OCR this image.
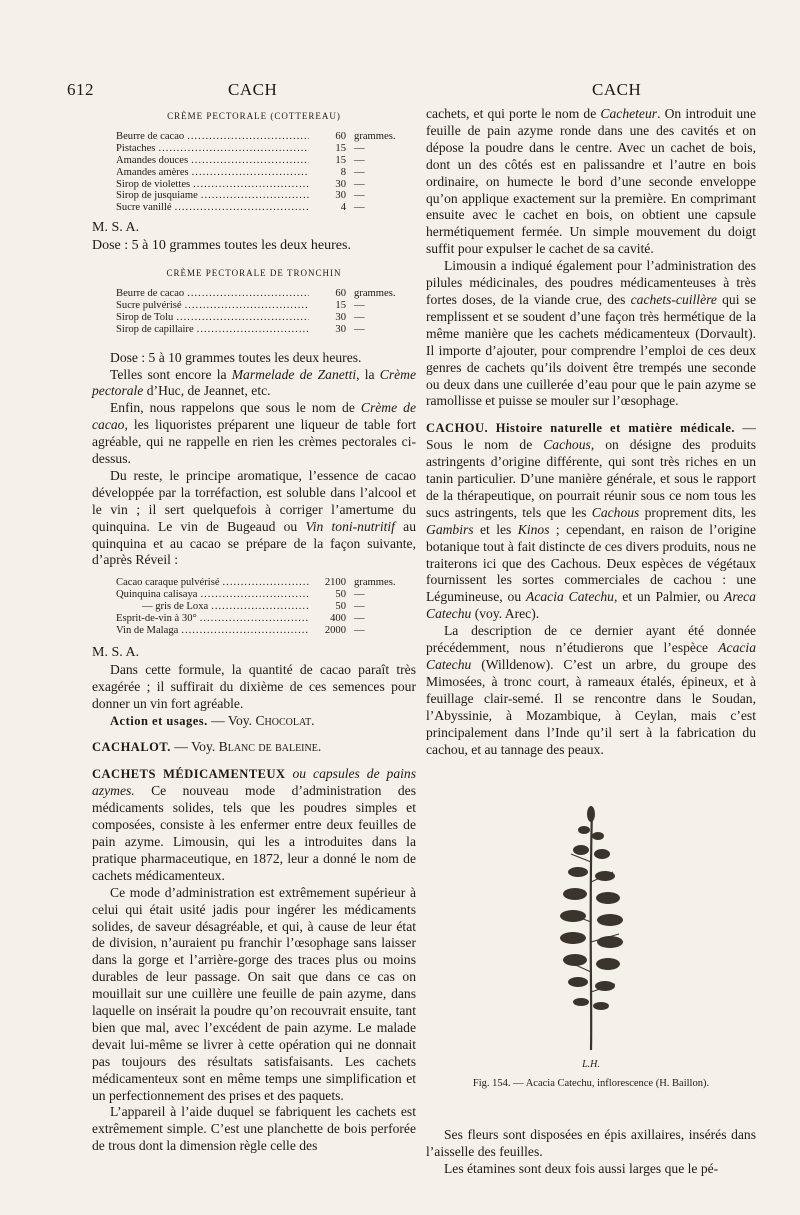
612	CACH	CACH
CRÈME PECTORALE (COTTEREAU)
Beurre de cacao .....	60 grammes.
Pistaches .....	15 —
Amandes douces .....	15 —
Amandes amères .....	8 —
Sirop de violettes .....	30 —
Sirop de jusquiame .....	30 —
Sucre vanillé .....	4 —
M. S. A.
Dose : 5 à 10 grammes toutes les deux heures.
CRÈME PECTORALE DE TRONCHIN
Beurre de cacao .....	60 grammes.
Sucre pulvérisé .....	15 —
Sirop de Tolu .....	30 —
Sirop de capillaire .....	30 —

Dose : 5 à 10 grammes toutes les deux heures.

Telles sont encore la Marmelade de Zanetti, la Crème pectorale d’Huc, de Jeannet, etc.

Enfin, nous rappelons que sous le nom de Crème de cacao, les liquoristes préparent une liqueur de table fort agréable, qui ne rappelle en rien les crèmes pectorales ci-dessus.

Du reste, le principe aromatique, l’essence de cacao développée par la torréfaction, est soluble dans l’alcool et le vin ; il sert quelquefois à corriger l’amertume du quinquina. Le vin de Bugeaud ou Vin toni-nutritif au quinquina et au cacao se prépare de la façon suivante, d’après Réveil :

Cacao caraque pulvérisé .....	2100 grammes.
Quinquina calisaya .....	50 —
— gris de Loxa .....	50 —
Esprit-de-vin à 30° .....	400 —
Vin de Malaga .....	2000 —
M. S. A.

Dans cette formule, la quantité de cacao paraît très exagérée ; il suffirait du dixième de ces semences pour donner un vin fort agréable.

Action et usages. — Voy. Chocolat.

CACHALOT. — Voy. Blanc de baleine.

CACHETS MÉDICAMENTEUX ou capsules de pains azymes. Ce nouveau mode d’administration des médicaments solides, tels que les poudres simples et composées, consiste à les enfermer entre deux feuilles de pain azyme. Limousin, qui les a introduites dans la pratique pharmaceutique, en 1872, leur a donné le nom de cachets médicamenteux.

Ce mode d’administration est extrêmement supérieur à celui qui était usité jadis pour ingérer les médicaments solides, de saveur désagréable, et qui, à cause de leur état de division, n’auraient pu franchir l’œsophage sans laisser dans la gorge et l’arrière-gorge des traces plus ou moins durables de leur passage. On sait que dans ce cas on mouillait sur une cuillère une feuille de pain azyme, dans laquelle on insérait la poudre qu’on recouvrait ensuite, tant bien que mal, avec l’excédent de pain azyme. Le malade devait lui-même se livrer à cette opération qui ne donnait pas toujours des résultats satisfaisants. Les cachets médicamenteux sont en même temps une simplification et un perfectionnement des prises et des paquets.

L’appareil à l’aide duquel se fabriquent les cachets est extrêmement simple. C’est une planchette de bois perforée de trous dont la dimension règle celle des

cachets, et qui porte le nom de Cacheteur. On introduit une feuille de pain azyme ronde dans une des cavités et on dépose la poudre dans le centre. Avec un cachet de bois, dont un des côtés est en palissandre et l’autre en bois ordinaire, on humecte le bord d’une seconde enveloppe qu’on applique exactement sur la première. En comprimant ensuite avec le cachet en bois, on obtient une capsule hermétiquement fermée. Un simple mouvement du doigt suffit pour expulser le cachet de sa cavité.

Limousin a indiqué également pour l’administration des pilules médicinales, des poudres médicamenteuses à très fortes doses, de la viande crue, des cachets-cuillère qui se remplissent et se soudent d’une façon très hermétique de la même manière que les cachets médicamenteux (Dorvault). Il importe d’ajouter, pour comprendre l’emploi de ces deux genres de cachets qu’ils doivent être trempés une seconde ou deux dans une cuillerée d’eau pour que le pain azyme se ramollisse et puisse se mouler sur l’œsophage.

CACHOU. Histoire naturelle et matière médicale. — Sous le nom de Cachous, on désigne des produits astringents d’origine différente, qui sont très riches en un tanin particulier. D’une manière générale, et sous le rapport de la thérapeutique, on pourrait réunir sous ce nom tous les sucs astringents, tels que les Cachous proprement dits, les Gambirs et les Kinos ; cependant, en raison de l’origine botanique tout à fait distincte de ces divers produits, nous ne traiterons ici que des Cachous. Deux espèces de végétaux fournissent les sortes commerciales de cachou : une Légumineuse, ou Acacia Catechu, et un Palmier, ou Areca Catechu (voy. Arec).

La description de ce dernier ayant été donnée précédemment, nous n’étudierons que l’espèce Acacia Catechu (Willdenow). C’est un arbre, du groupe des Mimosées, à tronc court, à rameaux étalés, épineux, et à feuillage clair-semé. Il se rencontre dans le Soudan, l’Abyssinie, à Mozambique, à Ceylan, mais c’est principalement dans l’Inde qu’il sert à la fabrication du cachou, et au tannage des peaux.

L.H.
Fig. 154. — Acacia Catechu, inflorescence (H. Baillon).

Ses fleurs sont disposées en épis axillaires, insérés dans l’aisselle des feuilles.

Les étamines sont deux fois aussi larges que le pé-
